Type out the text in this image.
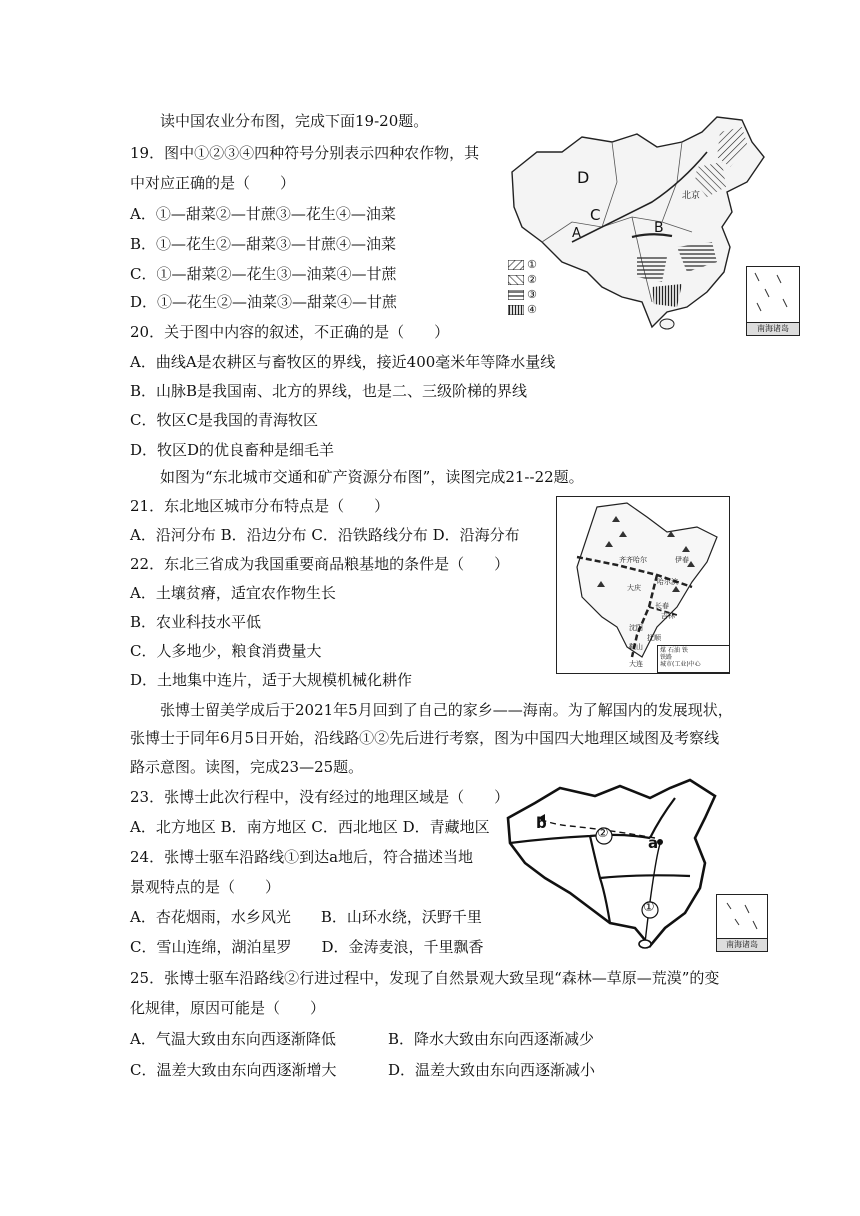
读中国农业分布图，完成下面19-20题。
19．图中①②③④四种符号分别表示四种农作物，其
中对应正确的是（　　）
A．①—甜菜②—甘蔗③—花生④—油菜
B．①—花生②—甜菜③—甘蔗④—油菜
C．①—甜菜②—花生③—油菜④—甘蔗
D．①—花生②—油菜③—甜菜④—甘蔗
20．关于图中内容的叙述，不正确的是（　　）
A．曲线A是农耕区与畜牧区的界线，接近400毫米年等降水量线
B．山脉B是我国南、北方的界线，也是二、三级阶梯的界线
C．牧区C是我国的青海牧区
D．牧区D的优良畜种是细毛羊
如图为“东北城市交通和矿产资源分布图”，读图完成21--22题。
21．东北地区城市分布特点是（　　）
A．沿河分布 B．沿边分布 C．沿铁路线分布 D．沿海分布
22．东北三省成为我国重要商品粮基地的条件是（　　）
A．土壤贫瘠，适宜农作物生长
B．农业科技水平低
C．人多地少，粮食消费量大
D．土地集中连片，适于大规模机械化耕作
张博士留美学成后于2021年5月回到了自己的家乡——海南。为了解国内的发展现状，
张博士于同年6月5日开始，沿线路①②先后进行考察，图为中国四大地理区域图及考察线
路示意图。读图，完成23—25题。
23．张博士此次行程中，没有经过的地理区域是（　　）
A．北方地区 B．南方地区 C．西北地区 D．青藏地区
24．张博士驱车沿路线①到达a地后，符合描述当地
景观特点的是（　　）
A．杏花烟雨，水乡风光　　B．山环水绕，沃野千里
C．雪山连绵，湖泊星罗　　D．金涛麦浪，千里飘香
25．张博士驱车沿路线②行进过程中，发现了自然景观大致呈现“森林—草原—荒漠”的变
化规律，原因可能是（　　）
A．气温大致由东向西逐渐降低	B．降水大致由东向西逐渐减少
C．温差大致由东向西逐渐增大	D．温差大致由东向西逐渐减小
D
C
A	B
北京
①
②
③
④
南海诸岛
齐齐哈尔	伊春
哈尔滨
大庆
长春
吉林
沈阳
抚顺
鞍山
大连
煤 石油 铁
铁路
城市(工业)中心
b
②
a
①
南海诸岛
